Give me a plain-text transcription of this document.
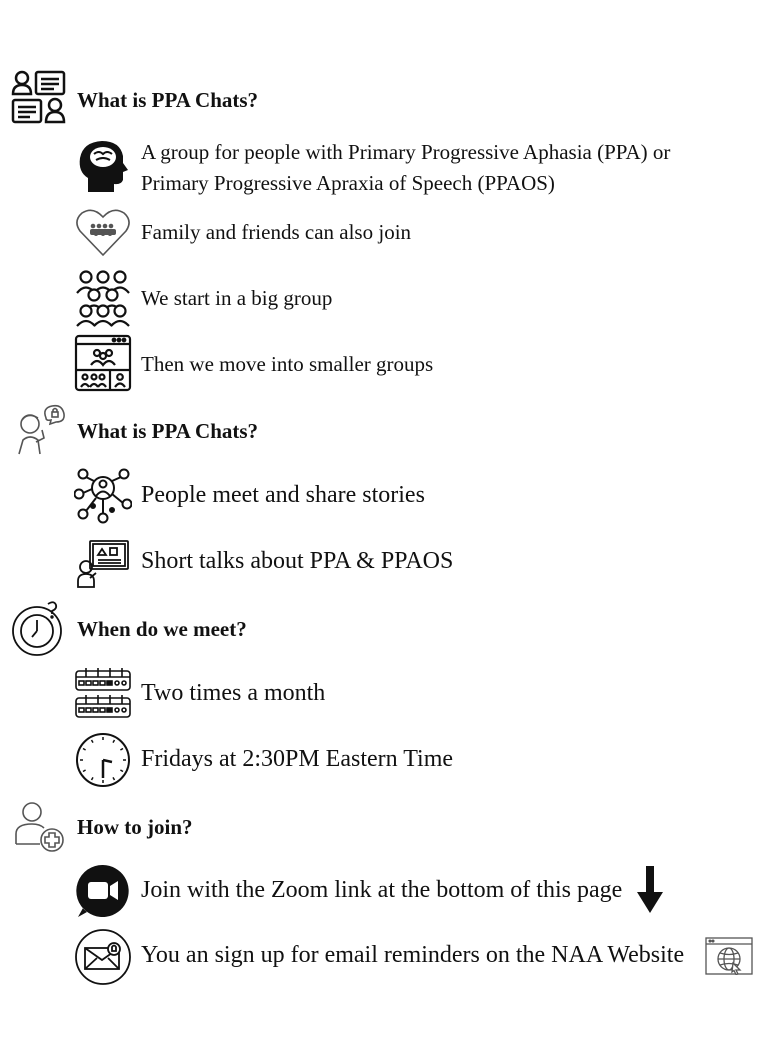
What is PPA Chats?
A group for people with Primary Progressive Aphasia (PPA) or
Primary Progressive Apraxia of Speech (PPAOS)
Family and friends can also join
We start in a big group
Then we move into smaller groups
What is PPA Chats?
People meet and share stories
Short talks about PPA & PPAOS
When do we meet?
Two times a month
Fridays at 2:30PM Eastern Time
How to join?
Join with the Zoom link at the bottom of this page
You an sign up for email reminders on the NAA Website
